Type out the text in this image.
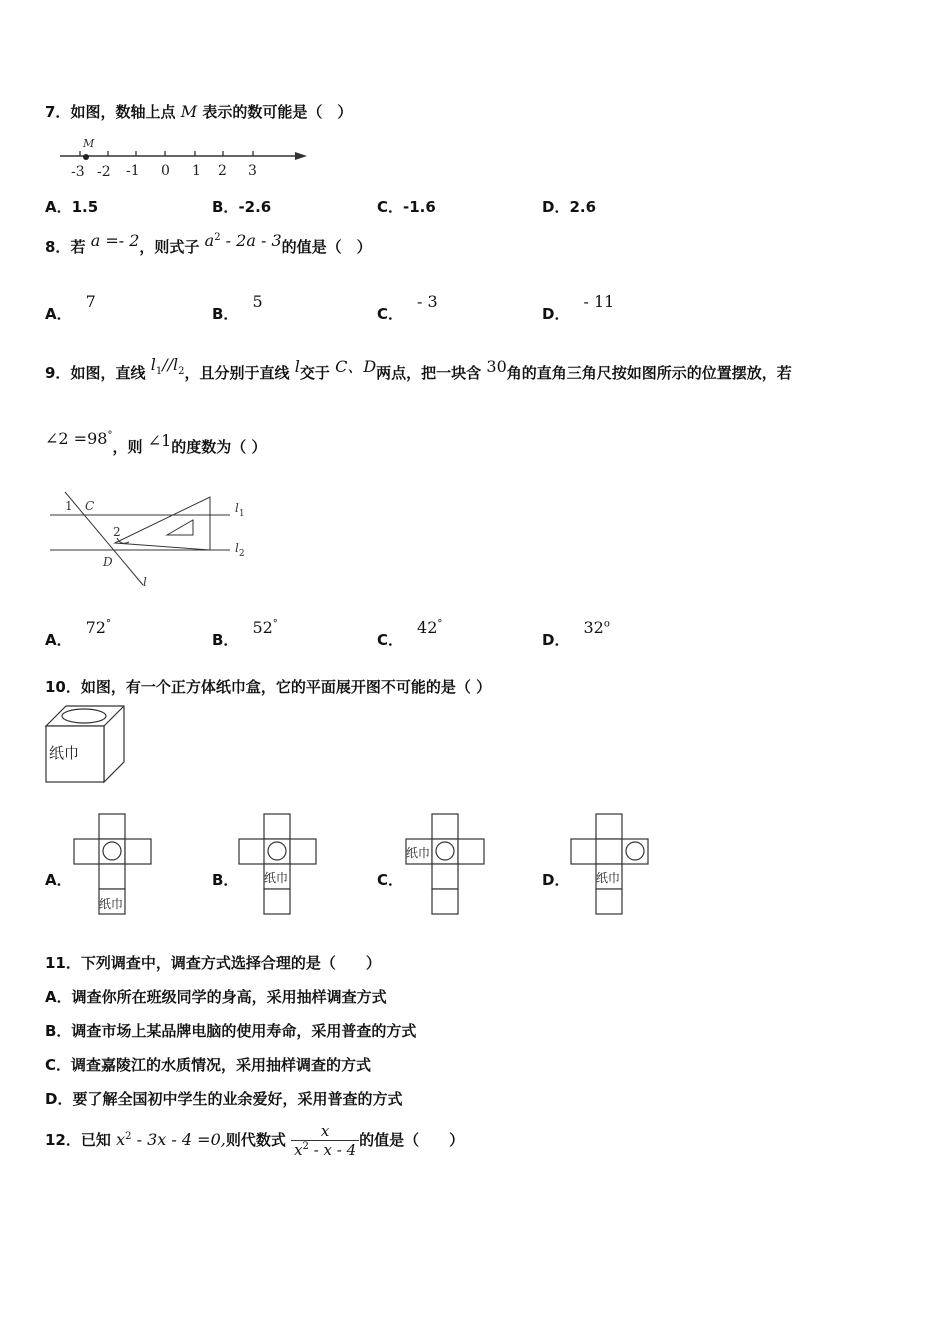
7．如图，数轴上点 M 表示的数可能是（　）
M
-3 -2 -1 0 1 2 3
A．1.5	B．-2.6	C．-1.6	D．2.6
8．若 a =- 2，则式子 $a^2 - 2a - 3$的值是（　）
A．7
B．5
C．- 3
D．- 11
9．如图，直线 $l_1//l_2$，且分别于直线 l交于 C、D两点，把一块含 30角的直角三角尺按如图所示的位置摆放，若
∠2 =98°，则 ∠1的度数为（ ）
1 C
2
D
l
$l_1$
$l_2$
A．72°
B．52°
C．42°
D．32$^o$
10．如图，有一个正方体纸巾盒，它的平面展开图不可能的是（ ）
纸巾
A．
纸巾
B． 纸巾	C．
纸巾
D． 纸巾
11．下列调查中，调查方式选择合理的是（　　）
A．调查你所在班级同学的身高，采用抽样调查方式
B．调查市场上某品牌电脑的使用寿命，采用普查的方式
C．调查嘉陵江的水质情况，采用抽样调查的方式
D．要了解全国初中学生的业余爱好，采用普查的方式
12．已知 $x^2 - 3x - 4 =0$,则代数式 $\frac{x}{x^2 - x - 4}$ 的值是（　　）
